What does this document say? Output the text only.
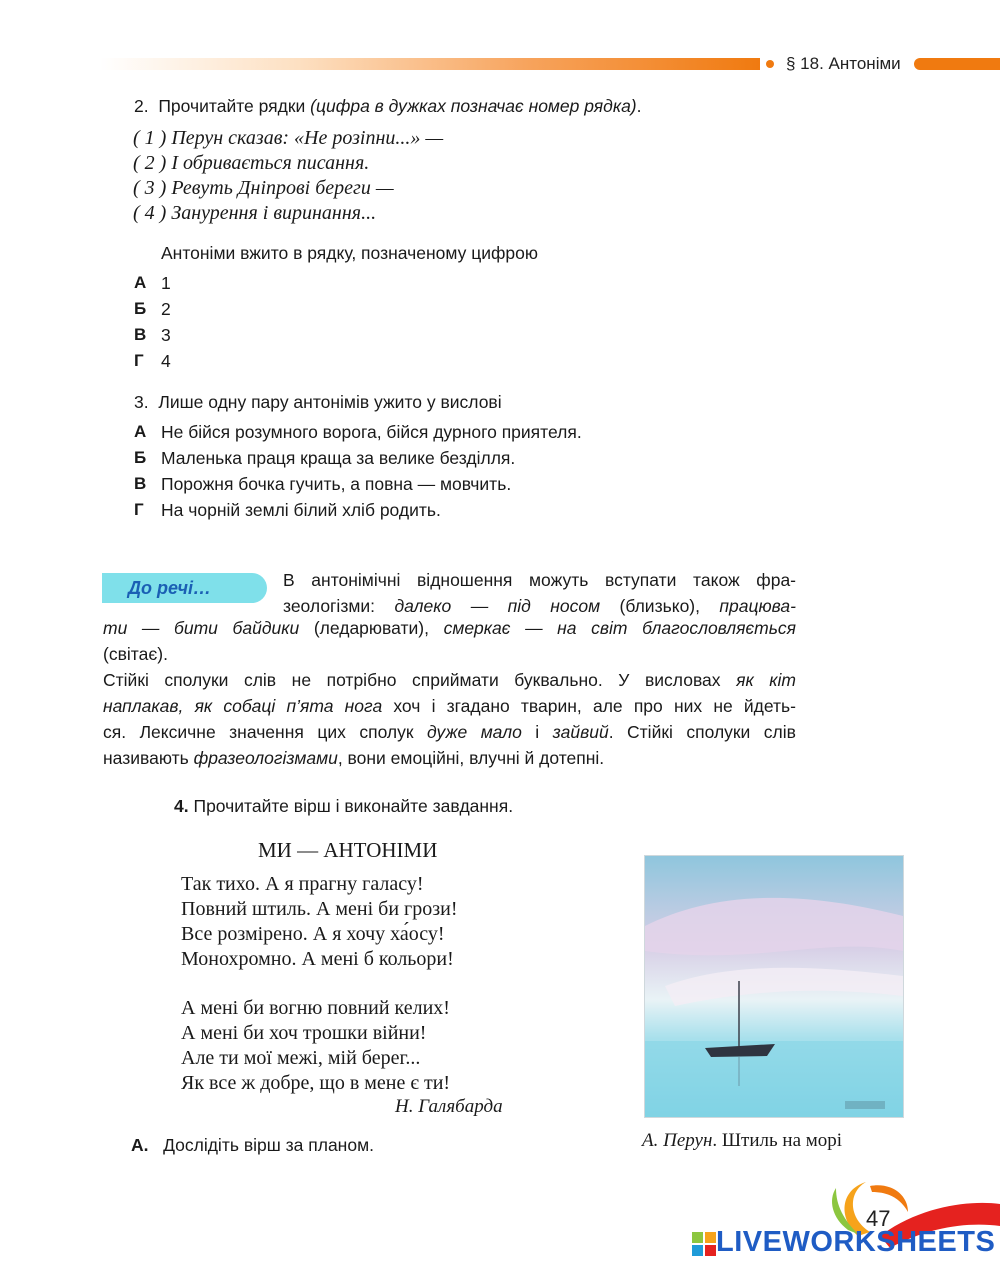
§ 18. Антоніми
2. Прочитайте рядки (цифра в дужках позначає номер рядка).
( 1 ) Перун сказав: «Не розіпни...» —
( 2 ) І обривається писання.
( 3 ) Ревуть Дніпрові береги —
( 4 ) Занурення і виринання...
Антоніми вжито в рядку, позначеному цифрою
А 1
Б 2
В 3
Г 4
3. Лише одну пару антонімів ужито у вислові
А Не бійся розумного ворога, бійся дурного приятеля.
Б Маленька праця краща за велике безділля.
В Порожня бочка гучить, а повна — мовчить.
Г На чорній землі білий хліб родить.
До речі…	В антонімічні відношення можуть вступати також фра-
зеологізми: далеко — під носом (близько), працюва-
ти — бити байдики (ледарювати), смеркає — на світ благословляється
(світає).
Стійкі сполуки слів не потрібно сприймати буквально. У висловах як кіт
наплакав, як собаці п’ята нога хоч і згадано тварин, але про них не йдеть-
ся. Лексичне значення цих сполук дуже мало і зайвий. Стійкі сполуки слів
називають фразеологізмами, вони емоційні, влучні й дотепні.
4. Прочитайте вірш і виконайте завдання.
МИ — АНТОНІМИ
Так тихо. А я прагну галасу!
Повний штиль. А мені би грози!
Все розмірено. А я хочу ха́осу!
Монохромно. А мені б кольори!
А мені би вогню повний келих!
А мені би хоч трошки війни!
Але ти мої межі, мій берег...
Як все ж добре, що в мене є ти!
Н. Галябарда
А. Дослідіть вірш за планом.	А. Перун. Штиль на морі
47
LIVEWORKSHEETS
